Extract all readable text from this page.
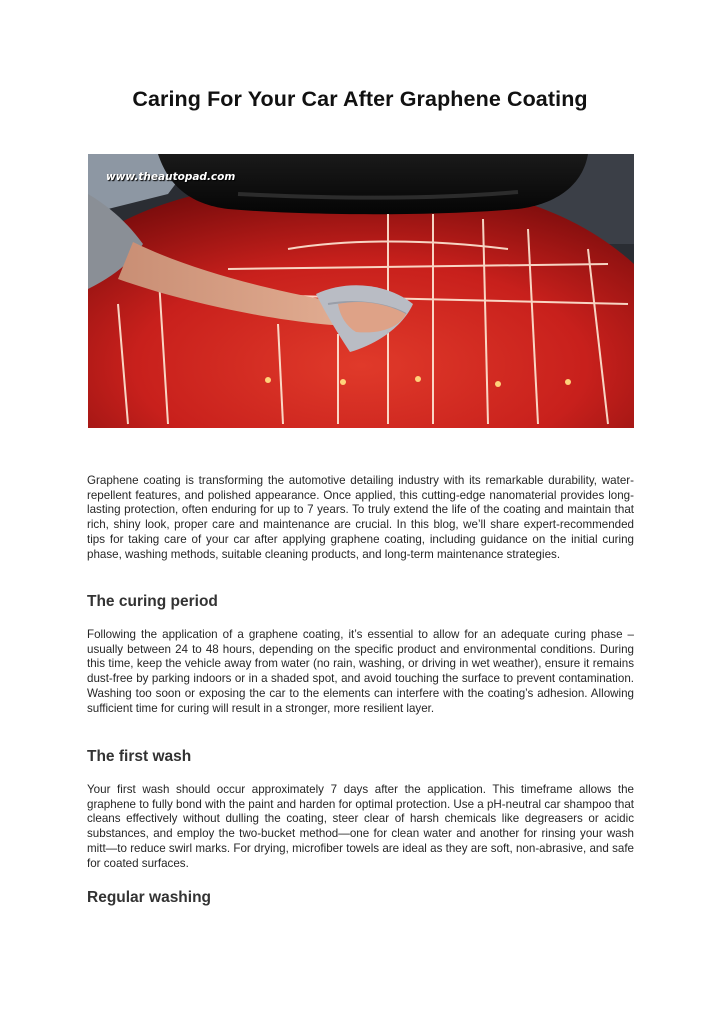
Caring For Your Car After Graphene Coating
www.theautopad.com

Graphene coating is transforming the automotive detailing industry with its remarkable durability, water-repellent features, and polished appearance. Once applied, this cutting-edge nanomaterial provides long-lasting protection, often enduring for up to 7 years. To truly extend the life of the coating and maintain that rich, shiny look, proper care and maintenance are crucial. In this blog, we’ll share expert-recommended tips for taking care of your car after applying graphene coating, including guidance on the initial curing phase, washing methods, suitable cleaning products, and long-term maintenance strategies.

The curing period

Following the application of a graphene coating, it’s essential to allow for an adequate curing phase – usually between 24 to 48 hours, depending on the specific product and environmental conditions. During this time, keep the vehicle away from water (no rain, washing, or driving in wet weather), ensure it remains dust-free by parking indoors or in a shaded spot, and avoid touching the surface to prevent contamination. Washing too soon or exposing the car to the elements can interfere with the coating’s adhesion. Allowing sufficient time for curing will result in a stronger, more resilient layer.

The first wash

Your first wash should occur approximately 7 days after the application. This timeframe allows the graphene to fully bond with the paint and harden for optimal protection. Use a pH-neutral car shampoo that cleans effectively without dulling the coating, steer clear of harsh chemicals like degreasers or acidic substances, and employ the two-bucket method—one for clean water and another for rinsing your wash mitt—to reduce swirl marks. For drying, microfiber towels are ideal as they are soft, non-abrasive, and safe for coated surfaces.

Regular washing
